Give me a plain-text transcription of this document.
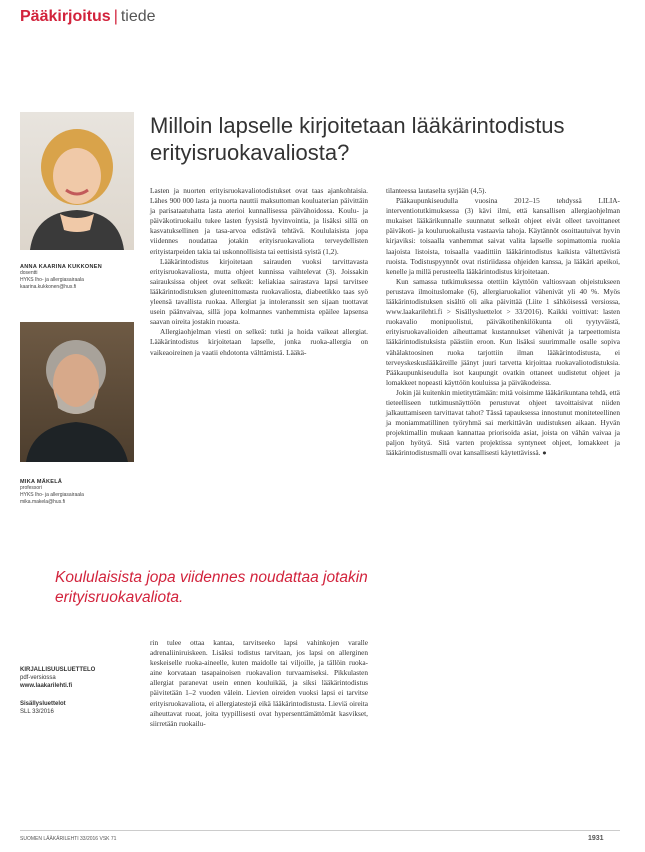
Pääkirjoitus | tiede
ANNA KAARINA KUKKONEN
dosentti
HYKS Iho- ja allergiasairaala
kaarina.kukkonen@hus.fi
MIKA MÄKELÄ
professori
HYKS Iho- ja allergiasairaala
mika.makela@hus.fi
Milloin lapselle kirjoitetaan lääkärintodistus erityisruokavaliosta?

Lasten ja nuorten erityisruokavaliotodistukset ovat taas ajankohtaisia. Lähes 900 000 lasta ja nuorta nauttii maksuttoman kouluaterian päivittäin ja parisataatuhatta lasta aterioi kunnallisessa päivähoidossa. Koulu- ja päiväkotiruokailu tukee lasten fyysistä hyvinvointia, ja lisäksi sillä on kasvatuksellinen ja tasa-arvoa edistävä tehtävä. Koululaisista jopa viidennes noudattaa jotakin erityisruokavaliota terveydellisten erityistarpeiden takia tai uskonnollisista tai eettisistä syistä (1,2).

Lääkärintodistus kirjoitetaan sairauden vuoksi tarvittavasta erityisruokavaliosta, mutta ohjeet kunnissa vaihtelevat (3). Joissakin sairauksissa ohjeet ovat selkeät: keliakiaa sairastava lapsi tarvitsee lääkärintodistuksen gluteenittomasta ruokavaliosta, diabeetikko taas syö yleensä tavallista ruokaa. Allergiat ja intoleranssit sen sijaan tuottavat usein päänvaivaa, sillä jopa kolmannes vanhemmista epäilee lapsensa saavan oireita jostakin ruoasta.

Allergiaohjelman viesti on selkeä: tutki ja hoida vaikeat allergiat. Lääkärintodistus kirjoitetaan lapselle, jonka ruoka-allergia on vaikeaoireinen ja vaatii ehdotonta välttämistä. Lääkä-

Koululaisista jopa viidennes noudattaa jotakin erityisruokavaliota.

rin tulee ottaa kantaa, tarvitseeko lapsi vahinkojen varalle adrenaliiniruiskeen. Lisäksi todistus tarvitaan, jos lapsi on allerginen keskeiselle ruoka-aineelle, kuten maidolle tai viljoille, ja tällöin ruoka-aine korvataan tasapainoisen ruokavalion turvaamiseksi. Pikkulasten allergiat paranevat usein ennen kouluikää, ja siksi lääkärintodistus päivitetään 1–2 vuoden välein. Lievien oireiden vuoksi lapsi ei tarvitse erityisruokavaliota, ei allergiatestejä eikä lääkärintodistusta. Lieviä oireita aiheuttavat ruoat, joita tyypillisesti ovat hypersenttämättömät kasvikset, siirretään ruokailu-

tilanteessa lautaselta syrjään (4,5).

Pääkaupunkiseudulla vuosina 2012–15 tehdyssä LILIA-interventiotutkimuksessa (3) kävi ilmi, että kansallisen allergiaohjelman mukaiset lääkärikunnalle suunnatut selkeät ohjeet eivät olleet tavoittaneet päiväkoti- ja kouluruokailusta vastaavia tahoja. Käytännöt osoittautuivat hyvin kirjaviksi: toisaalla vanhemmat saivat valita lapselle sopimattomia ruokia laajoista listoista, toisaalla vaadittiin lääkärintodistus kaikista vältettävistä ruoista. Todistuspyynnöt ovat ristiriidassa ohjeiden kanssa, ja lääkäri apeikoi, kenelle ja millä perusteella lääkärintodistus kirjoitetaan.

Kun samassa tutkimuksessa otettiin käyttöön valtiosvaan ohjeistukseen perustava ilmoituslomake (6), allergiaruokaliot vähenivät yli 40 %. Myös lääkärintodistuksen sisältö oli aika päivittää (Liite 1 sähköisessä versiossa, www.laakarilehti.fi > Sisällysluettelot > 33/2016). Kaikki voittivat: lasten ruokavalio monipuolistui, päiväkotihenkilökunta oli tyytyväistä, erityisruokavalioiden aiheuttamat kustannukset vähenivät ja tarpeettomista lääkärintodistuksista päästiin eroon. Kun lisäksi suurimmalle osalle sopiva vähälaktoosinen ruoka tarjottiin ilman lääkärintodistusta, ei terveyskeskuslääkäreille jäänyt juuri tarvetta kirjoittaa ruokavaliotodistuksia. Pääkaupunkiseudulla isot kaupungit ovatkin ottaneet uudistetut ohjeet ja lomakkeet nopeasti käyttöön kouluissa ja päiväkodeissa.

Jokin jäi kuitenkin mietityttämään: mitä voisimme lääkärikuntana tehdä, että tieteelliseen tutkimusnäyttöön perustuvat ohjeet tavoittaisivat niiden jalkauttamiseen tarvittavat tahot? Tässä tapauksessa innostunut moniteteellinen ja moniammatillinen työryhmä sai merkittävän uudistuksen aikaan. Hyvän projektimallin mukaan kannattaa priorisoida asiat, joista on vähän vaivaa ja paljon hyötyä. Sitä varten projektissa syntyneet ohjeet, lomakkeet ja lääkärintodistusmalli ovat kansallisesti käytettävissä. ●

KIRJALLISUUSLUETTELO
pdf-versiossa
www.laakarilehti.fi
Sisällysluettelot
SLL 33/2016
SUOMEN LÄÄKÄRILEHTI 33/2016 VSK 71	1931
